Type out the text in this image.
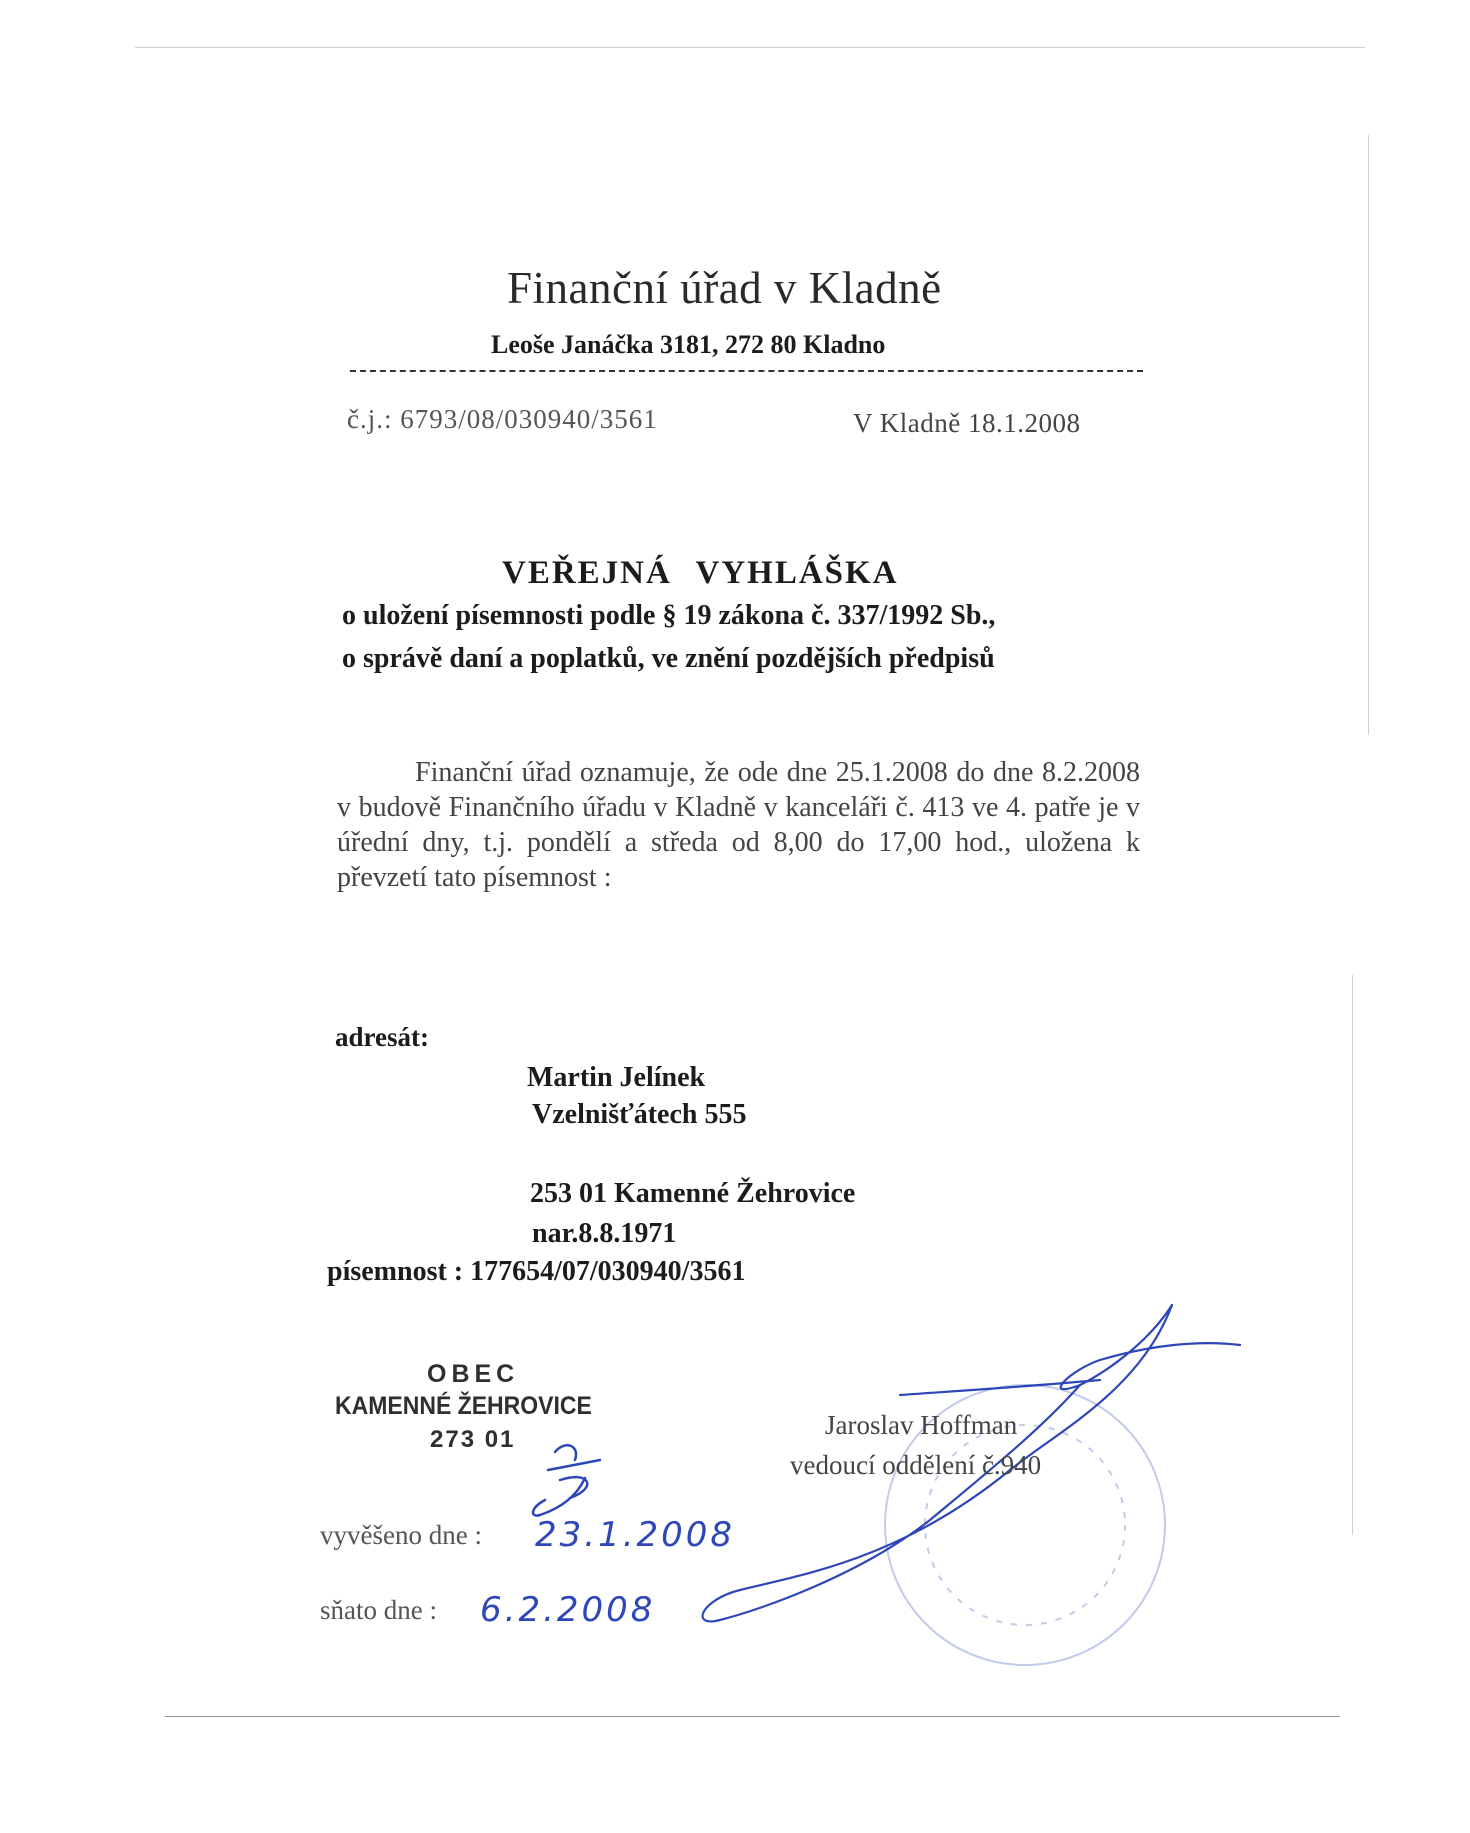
Finanční úřad v Kladně
Leoše Janáčka 3181, 272 80 Kladno
č.j.: 6793/08/030940/3561	V Kladně 18.1.2008
VEŘEJNÁ VYHLÁŠKA
o uložení písemnosti podle § 19 zákona č. 337/1992 Sb.,
o správě daní a poplatků, ve znění pozdějších předpisů
Finanční úřad oznamuje, že ode dne 25.1.2008 do dne 8.2.2008 v budově Finančního úřadu v Kladně v kanceláři č. 413 ve 4. patře je v úřední dny, t.j. pondělí a středa od 8,00 do 17,00 hod., uložena k převzetí tato písemnost :
adresát:
Martin Jelínek
Vzelnišťátech 555
253 01 Kamenné Žehrovice
nar.8.8.1971
písemnost : 177654/07/030940/3561
OBEC
KAMENNÉ ŽEHROVICE
273 01	Jaroslav Hoffman
vedoucí oddělení č.940
vyvěšeno dne : 23.1.2008
sňato dne : 6.2.2008
